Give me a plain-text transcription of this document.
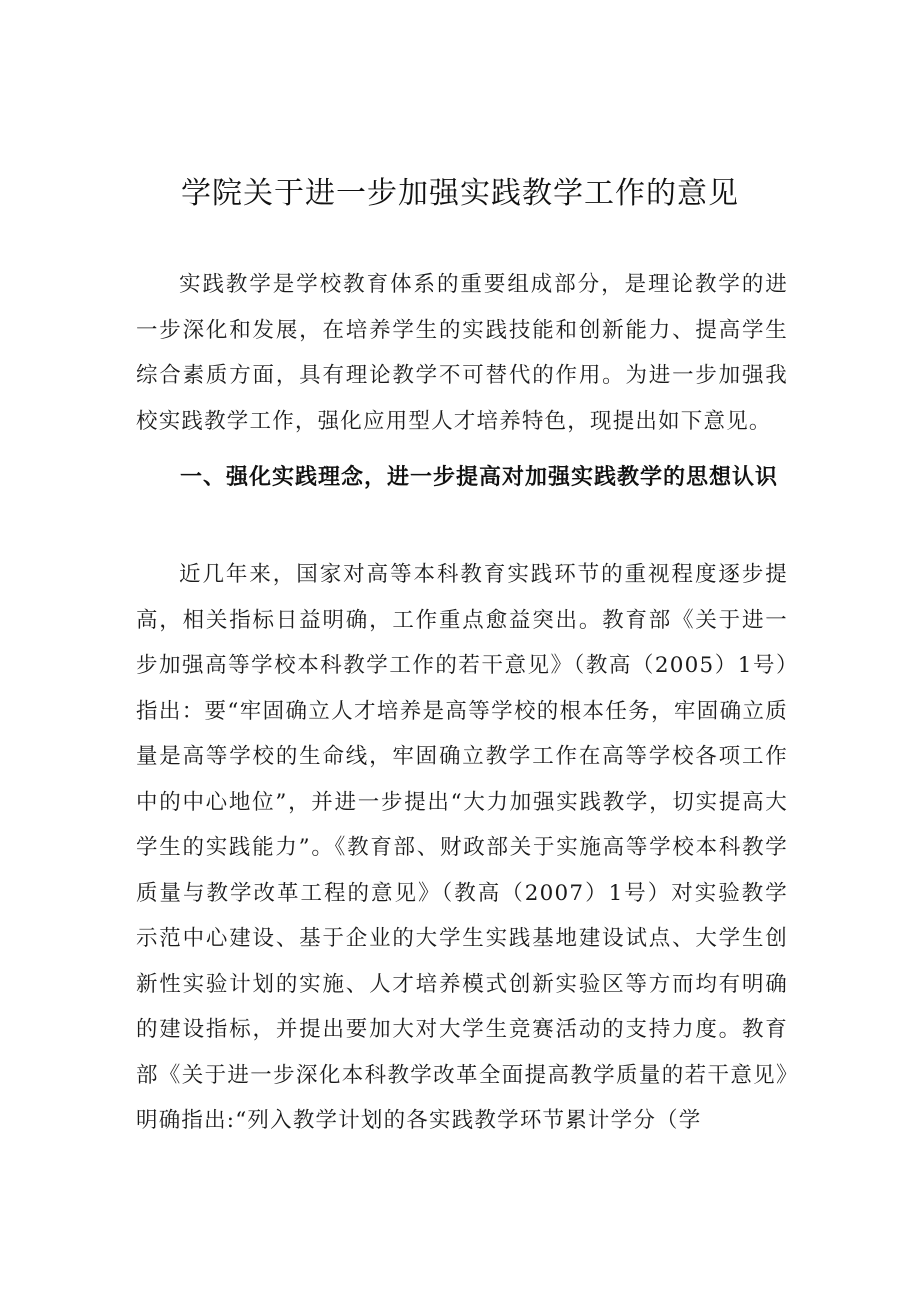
学院关于进一步加强实践教学工作的意见

实践教学是学校教育体系的重要组成部分，是理论教学的进一步深化和发展，在培养学生的实践技能和创新能力、提高学生综合素质方面，具有理论教学不可替代的作用。为进一步加强我校实践教学工作，强化应用型人才培养特色，现提出如下意见。

一、强化实践理念，进一步提高对加强实践教学的思想认识

近几年来，国家对高等本科教育实践环节的重视程度逐步提高，相关指标日益明确，工作重点愈益突出。教育部《关于进一步加强高等学校本科教学工作的若干意见》（教高（2005）1号）指出：要“牢固确立人才培养是高等学校的根本任务，牢固确立质量是高等学校的生命线，牢固确立教学工作在高等学校各项工作中的中心地位”，并进一步提出“大力加强实践教学，切实提高大学生的实践能力”。《教育部、财政部关于实施高等学校本科教学质量与教学改革工程的意见》（教高（2007）1号）对实验教学示范中心建设、基于企业的大学生实践基地建设试点、大学生创新性实验计划的实施、人才培养模式创新实验区等方而均有明确的建设指标，并提出要加大对大学生竞赛活动的支持力度。教育部《关于进一步深化本科教学改革全面提高教学质量的若干意见》明确指出:“列入教学计划的各实践教学环节累计学分（学
